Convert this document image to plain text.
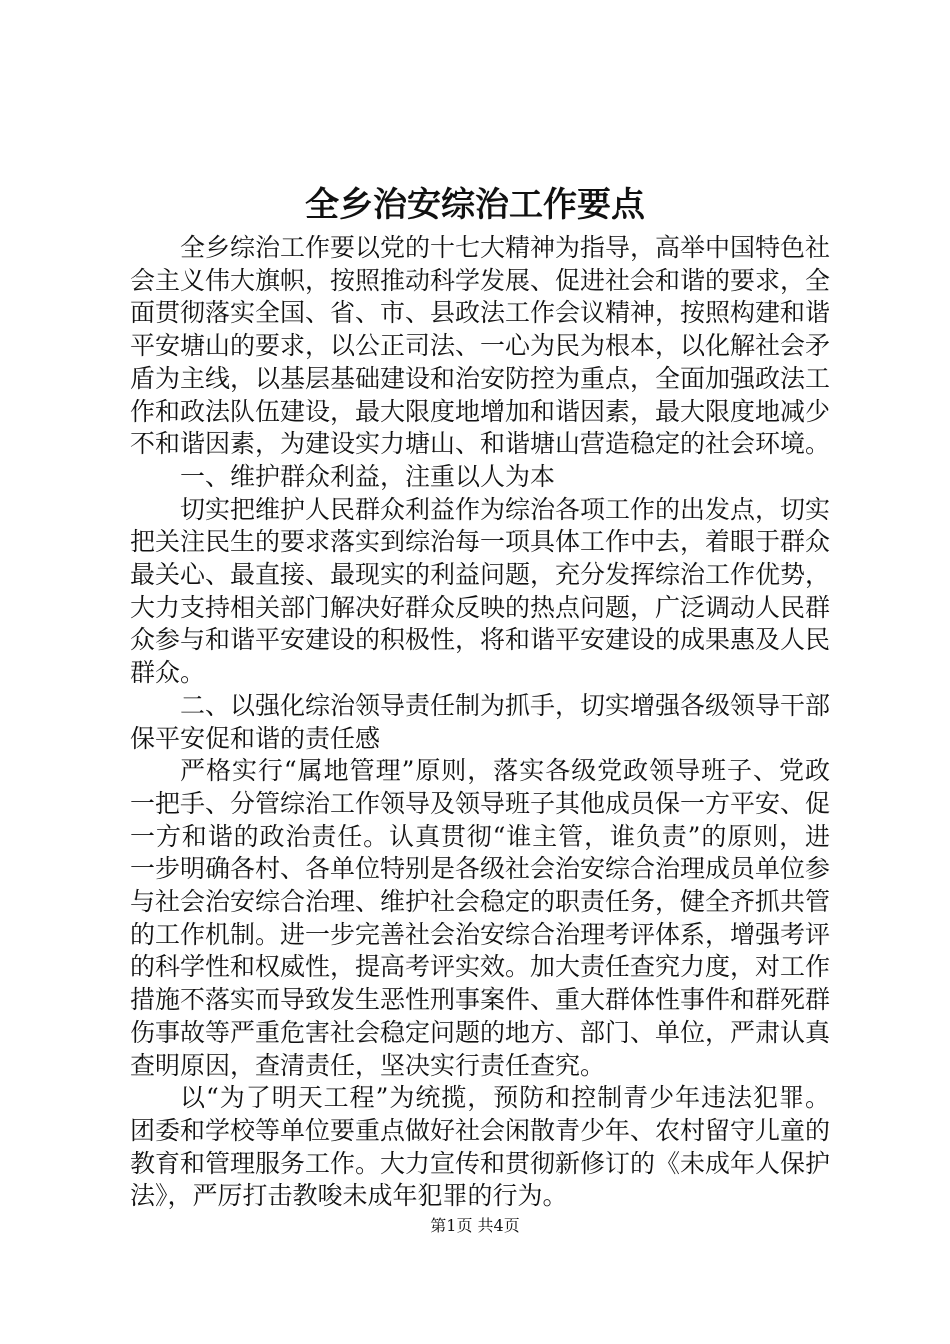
全乡治安综治工作要点

全乡综治工作要以党的十七大精神为指导，高举中国特色社会主义伟大旗帜，按照推动科学发展、促进社会和谐的要求，全面贯彻落实全国、省、市、县政法工作会议精神，按照构建和谐平安塘山的要求，以公正司法、一心为民为根本，以化解社会矛盾为主线，以基层基础建设和治安防控为重点，全面加强政法工作和政法队伍建设，最大限度地增加和谐因素，最大限度地减少不和谐因素，为建设实力塘山、和谐塘山营造稳定的社会环境。

一、维护群众利益，注重以人为本

切实把维护人民群众利益作为综治各项工作的出发点，切实把关注民生的要求落实到综治每一项具体工作中去，着眼于群众最关心、最直接、最现实的利益问题，充分发挥综治工作优势，大力支持相关部门解决好群众反映的热点问题，广泛调动人民群众参与和谐平安建设的积极性，将和谐平安建设的成果惠及人民群众。

二、以强化综治领导责任制为抓手，切实增强各级领导干部保平安促和谐的责任感

严格实行“属地管理”原则，落实各级党政领导班子、党政一把手、分管综治工作领导及领导班子其他成员保一方平安、促一方和谐的政治责任。认真贯彻“谁主管，谁负责”的原则，进一步明确各村、各单位特别是各级社会治安综合治理成员单位参与社会治安综合治理、维护社会稳定的职责任务，健全齐抓共管的工作机制。进一步完善社会治安综合治理考评体系，增强考评的科学性和权威性，提高考评实效。加大责任查究力度，对工作措施不落实而导致发生恶性刑事案件、重大群体性事件和群死群伤事故等严重危害社会稳定问题的地方、部门、单位，严肃认真查明原因，查清责任，坚决实行责任查究。

以“为了明天工程”为统揽，预防和控制青少年违法犯罪。团委和学校等单位要重点做好社会闲散青少年、农村留守儿童的教育和管理服务工作。大力宣传和贯彻新修订的《未成年人保护法》，严厉打击教唆未成年犯罪的行为。

第1页 共4页
